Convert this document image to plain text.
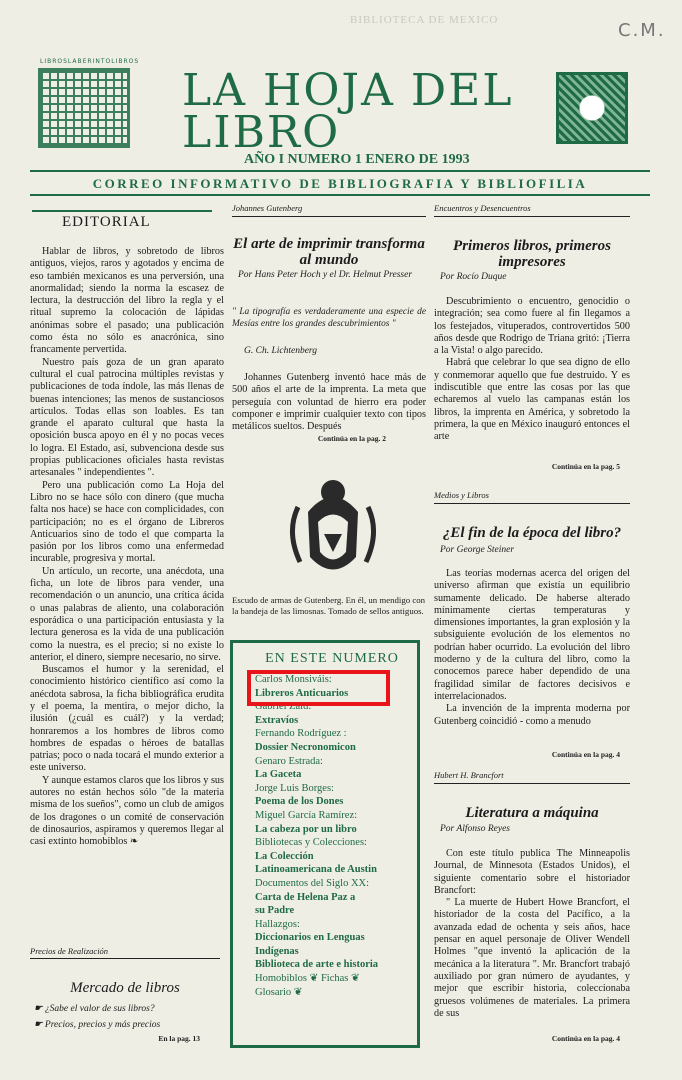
C.M.
BIBLIOTECA DE MEXICO
LIBROSLABERINTOLIBROS
LA HOJA DEL
LIBRO
AÑO I NUMERO 1 ENERO DE 1993
CORREO INFORMATIVO DE BIBLIOGRAFIA Y BIBLIOFILIA
EDITORIAL

Hablar de libros, y sobretodo de libros antiguos, viejos, raros y agotados y encima de eso también mexicanos es una perversión, una anormalidad; siendo la norma la escasez de lectura, la destrucción del libro la regla y el ritual supremo la colocación de lápidas anónimas sobre el pasado; una publicación como ésta no sólo es anacrónica, sino francamente pervertida.

Nuestro país goza de un gran aparato cultural el cual patrocina múltiples revistas y publicaciones de toda índole, las más llenas de buenas intenciones; las menos de sustanciosos artículos. Todas ellas son loables. Es tan grande el aparato cultural que hasta la oposición busca apoyo en él y no pocas veces lo logra. El Estado, así, subvenciona desde sus propias publicaciones oficiales hasta revistas artesanales " independientes ".

Pero una publicación como La Hoja del Libro no se hace sólo con dinero (que mucha falta nos hace) se hace con complicidades, con participación; no es el órgano de Libreros Anticuarios sino de todo el que comparta la pasión por los libros como una enfermedad incurable, progresiva y mortal.

Un artículo, un recorte, una anécdota, una ficha, un lote de libros para vender, una recomendación o un anuncio, una crítica ácida o unas palabras de aliento, una colaboración esporádica o una participación entusiasta y la lectura generosa es la vida de una publicación como la nuestra, es el precio; si no existe lo anterior, el dinero, siempre necesario, no sirve.

Buscamos el humor y la serenidad, el conocimiento histórico científico así como la anécdota sabrosa, la ficha bibliográfica erudita y el poema, la mentira, o mejor dicho, la ilusión (¿cuál es cuál?) y la verdad; honraremos a los hombres de libros como hombres de espadas o héroes de batallas patrias; poco o nada tocará el mundo exterior a este universo.

Y aunque estamos claros que los libros y sus autores no están hechos sólo "de la materia misma de los sueños", como un club de amigos de los dragones o un comité de conservación de dinosaurios, aspiramos y queremos llegar al casi extinto homobiblos ❧

Precios de Realización
Mercado de libros
☛ ¿Sabe el valor de sus libros?
☛ Precios, precios y más precios
En la pag. 13
Johannes Gutenberg
El arte de imprimir transforma al mundo
Por Hans Peter Hoch y el Dr. Helmut Presser
" La tipografía es verdaderamente una especie de Mesías entre los grandes descubrimientos "
G. Ch. Lichtenberg

Johannes Gutenberg inventó hace más de 500 años el arte de la imprenta. La meta que perseguía con voluntad de hierro era poder componer e imprimir cualquier texto con tipos metálicos sueltos. Después

Continúa en la pag. 2
Escudo de armas de Gutenberg. En él, un mendigo con la bandeja de las limosnas. Tomado de sellos antiguos.
EN ESTE NUMERO
Carlos Monsiváis:
Libreros Anticuarios
Gabriel Zaid:
Extravíos
Fernando Rodríguez :
Dossier Necronomicon
Genaro Estrada:
La Gaceta
Jorge Luis Borges:
Poema de los Dones
Miguel García Ramírez:
La cabeza por un libro
Bibliotecas y Colecciones:
La Colección
Latinoamericana de Austin
Documentos del Siglo XX:
Carta de Helena Paz a
su Padre
Hallazgos:
Diccionarios en Lenguas
Indígenas
Biblioteca de arte e historia
Homobiblos ❦ Fichas ❦
Glosario ❦
Encuentros y Desencuentros
Primeros libros, primeros impresores
Por Rocío Duque

Descubrimiento o encuentro, genocidio o integración; sea como fuere al fin llegamos a los festejados, vituperados, controvertidos 500 años desde que Rodrigo de Triana gritó: ¡Tierra a la Vista! o algo parecido.

Habrá que celebrar lo que sea digno de ello y conmemorar aquello que fue destruido. Y es indiscutible que entre las cosas por las que echaremos al vuelo las campanas están los libros, la imprenta en América, y sobretodo la primera, la que en México inauguró entonces el arte

Continúa en la pag. 5
Medios y Libros
¿El fin de la época del libro?
Por George Steiner

Las teorías modernas acerca del origen del universo afirman que existía un equilibrio sumamente delicado. De haberse alterado mínimamente ciertas temperaturas y dimensiones importantes, la gran explosión y la subsiguiente evolución de los elementos no podrían haber ocurrido. La evolución del libro moderno y de la cultura del libro, como la conocemos parece haber dependido de una fragilidad similar de factores decisivos e interrelacionados.

La invención de la imprenta moderna por Gutenberg coincidió - como a menudo

Continúa en la pag. 4
Hubert H. Brancfort
Literatura a máquina
Por Alfonso Reyes

Con este título publica The Minneapolis Journal, de Minnesota (Estados Unidos), el siguiente comentario sobre el historiador Brancfort:

" La muerte de Hubert Howe Brancfort, el historiador de la costa del Pacífico, a la avanzada edad de ochenta y seis años, hace pensar en aquel personaje de Oliver Wendell Holmes "que inventó la aplicación de la mecánica a la literatura ". Mr. Brancfort trabajó auxiliado por gran número de ayudantes, y mejor que escribir historia, coleccionaba gruesos volúmenes de materiales. La primera de sus

Continúa en la pag. 4
